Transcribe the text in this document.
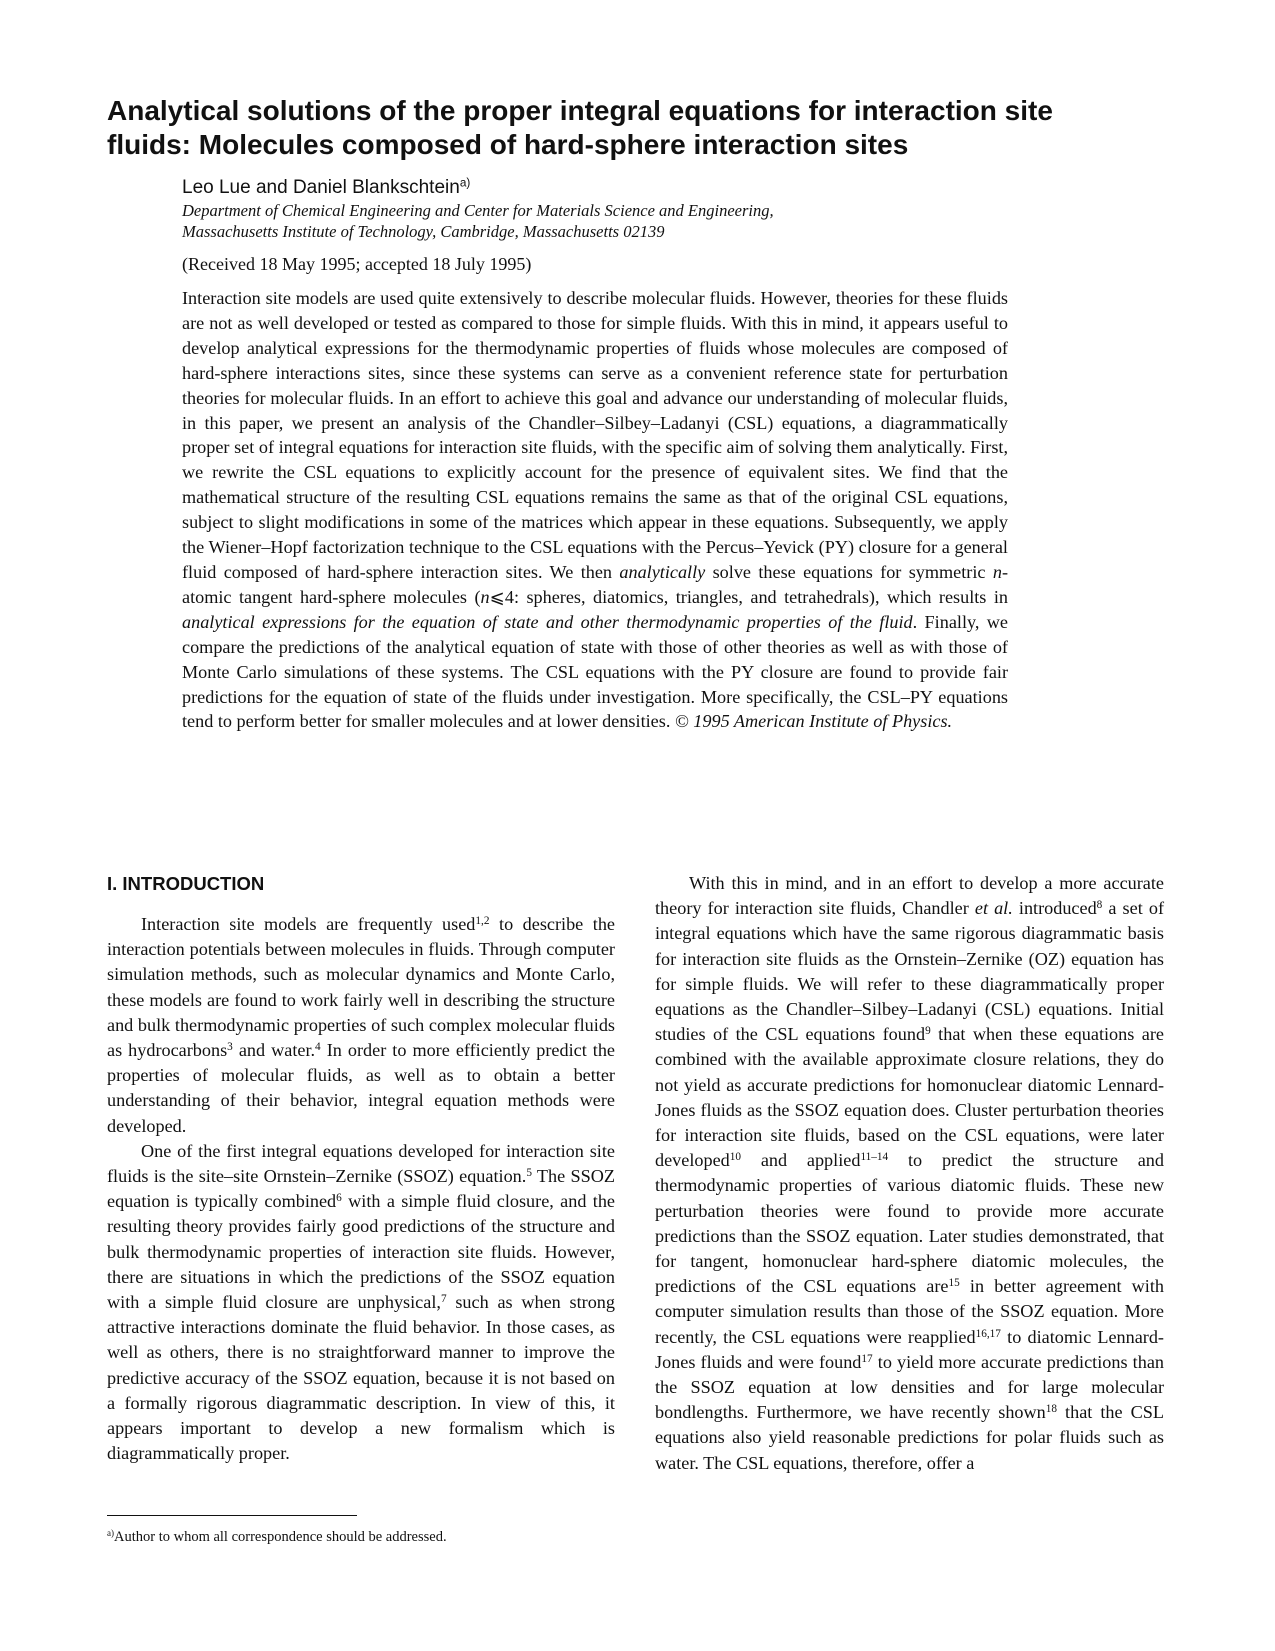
Analytical solutions of the proper integral equations for interaction site
fluids: Molecules composed of hard-sphere interaction sites
Leo Lue and Daniel Blankschtein$^{a)}$
Department of Chemical Engineering and Center for Materials Science and Engineering,
Massachusetts Institute of Technology, Cambridge, Massachusetts 02139
(Received 18 May 1995; accepted 18 July 1995)

Interaction site models are used quite extensively to describe molecular fluids. However, theories for these fluids are not as well developed or tested as compared to those for simple fluids. With this in mind, it appears useful to develop analytical expressions for the thermodynamic properties of fluids whose molecules are composed of hard-sphere interactions sites, since these systems can serve as a convenient reference state for perturbation theories for molecular fluids. In an effort to achieve this goal and advance our understanding of molecular fluids, in this paper, we present an analysis of the Chandler–Silbey–Ladanyi (CSL) equations, a diagrammatically proper set of integral equations for interaction site fluids, with the specific aim of solving them analytically. First, we rewrite the CSL equations to explicitly account for the presence of equivalent sites. We find that the mathematical structure of the resulting CSL equations remains the same as that of the original CSL equations, subject to slight modifications in some of the matrices which appear in these equations. Subsequently, we apply the Wiener–Hopf factorization technique to the CSL equations with the Percus–Yevick (PY) closure for a general fluid composed of hard-sphere interaction sites. We then analytically solve these equations for symmetric n-atomic tangent hard-sphere molecules (n⩽4: spheres, diatomics, triangles, and tetrahedrals), which results in analytical expressions for the equation of state and other thermodynamic properties of the fluid. Finally, we compare the predictions of the analytical equation of state with those of other theories as well as with those of Monte Carlo simulations of these systems. The CSL equations with the PY closure are found to provide fair predictions for the equation of state of the fluids under investigation. More specifically, the CSL–PY equations tend to perform better for smaller molecules and at lower densities. © 1995 American Institute of Physics.

I. INTRODUCTION

Interaction site models are frequently used$^{1,2}$ to describe the interaction potentials between molecules in fluids. Through computer simulation methods, such as molecular dynamics and Monte Carlo, these models are found to work fairly well in describing the structure and bulk thermodynamic properties of such complex molecular fluids as hydrocarbons$^3$ and water.$^4$ In order to more efficiently predict the properties of molecular fluids, as well as to obtain a better understanding of their behavior, integral equation methods were developed.

One of the first integral equations developed for interaction site fluids is the site–site Ornstein–Zernike (SSOZ) equation.$^5$ The SSOZ equation is typically combined$^6$ with a simple fluid closure, and the resulting theory provides fairly good predictions of the structure and bulk thermodynamic properties of interaction site fluids. However, there are situations in which the predictions of the SSOZ equation with a simple fluid closure are unphysical,$^7$ such as when strong attractive interactions dominate the fluid behavior. In those cases, as well as others, there is no straightforward manner to improve the predictive accuracy of the SSOZ equation, because it is not based on a formally rigorous diagrammatic description. In view of this, it appears important to develop a new formalism which is diagrammatically proper.

With this in mind, and in an effort to develop a more accurate theory for interaction site fluids, Chandler et al. introduced$^8$ a set of integral equations which have the same rigorous diagrammatic basis for interaction site fluids as the Ornstein–Zernike (OZ) equation has for simple fluids. We will refer to these diagrammatically proper equations as the Chandler–Silbey–Ladanyi (CSL) equations. Initial studies of the CSL equations found$^9$ that when these equations are combined with the available approximate closure relations, they do not yield as accurate predictions for homonuclear diatomic Lennard-Jones fluids as the SSOZ equation does. Cluster perturbation theories for interaction site fluids, based on the CSL equations, were later developed$^{10}$ and applied$^{11-14}$ to predict the structure and thermodynamic properties of various diatomic fluids. These new perturbation theories were found to provide more accurate predictions than the SSOZ equation. Later studies demonstrated, that for tangent, homonuclear hard-sphere diatomic molecules, the predictions of the CSL equations are$^{15}$ in better agreement with computer simulation results than those of the SSOZ equation. More recently, the CSL equations were reapplied$^{16,17}$ to diatomic Lennard-Jones fluids and were found$^{17}$ to yield more accurate predictions than the SSOZ equation at low densities and for large molecular bondlengths. Furthermore, we have recently shown$^{18}$ that the CSL equations also yield reasonable predictions for polar fluids such as water. The CSL equations, therefore, offer a

$^{a)}$Author to whom all correspondence should be addressed.
